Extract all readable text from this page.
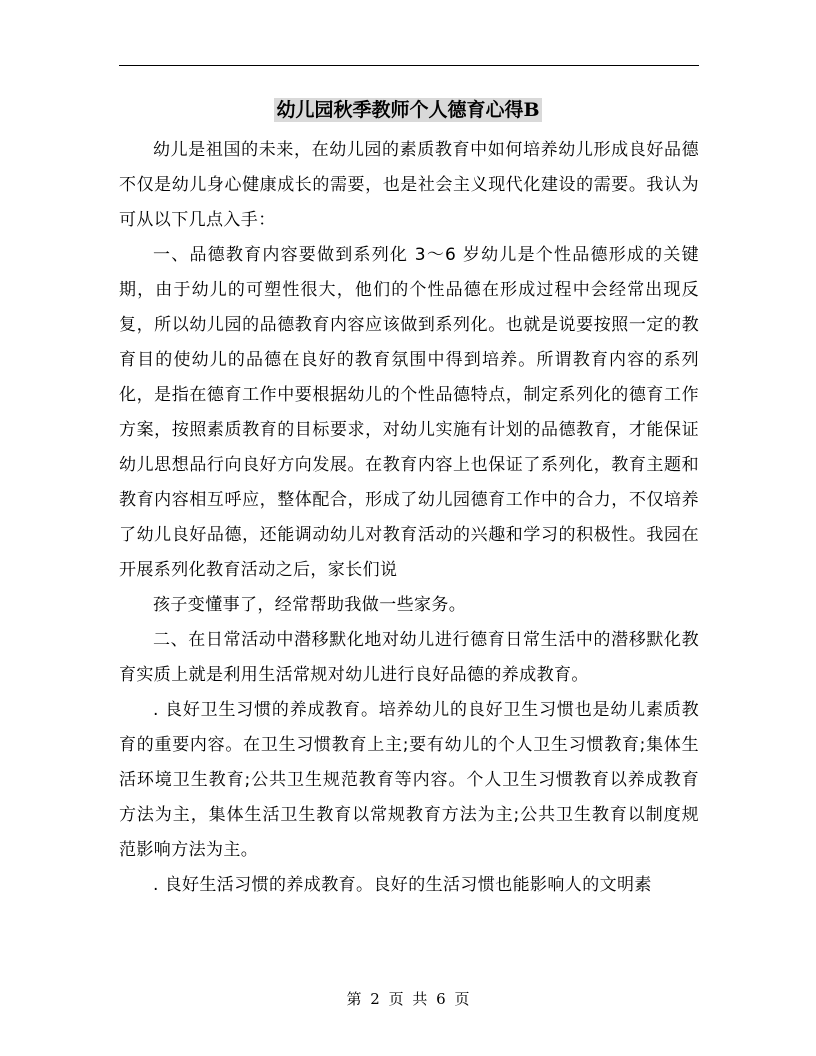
幼儿园秋季教师个人德育心得B

幼儿是祖国的未来，在幼儿园的素质教育中如何培养幼儿形成良好品德不仅是幼儿身心健康成长的需要，也是社会主义现代化建设的需要。我认为可从以下几点入手：

一、品德教育内容要做到系列化 3～6 岁幼儿是个性品德形成的关键期，由于幼儿的可塑性很大，他们的个性品德在形成过程中会经常出现反复，所以幼儿园的品德教育内容应该做到系列化。也就是说要按照一定的教育目的使幼儿的品德在良好的教育氛围中得到培养。所谓教育内容的系列化，是指在德育工作中要根据幼儿的个性品德特点，制定系列化的德育工作方案，按照素质教育的目标要求，对幼儿实施有计划的品德教育，才能保证幼儿思想品行向良好方向发展。在教育内容上也保证了系列化，教育主题和教育内容相互呼应，整体配合，形成了幼儿园德育工作中的合力，不仅培养了幼儿良好品德，还能调动幼儿对教育活动的兴趣和学习的积极性。我园在开展系列化教育活动之后，家长们说

孩子变懂事了，经常帮助我做一些家务。

二、在日常活动中潜移默化地对幼儿进行德育日常生活中的潜移默化教育实质上就是利用生活常规对幼儿进行良好品德的养成教育。

. 良好卫生习惯的养成教育。培养幼儿的良好卫生习惯也是幼儿素质教育的重要内容。在卫生习惯教育上主;要有幼儿的个人卫生习惯教育;集体生活环境卫生教育;公共卫生规范教育等内容。个人卫生习惯教育以养成教育方法为主，集体生活卫生教育以常规教育方法为主;公共卫生教育以制度规范影响方法为主。

. 良好生活习惯的养成教育。良好的生活习惯也能影响人的文明素

第 2 页 共 6 页
